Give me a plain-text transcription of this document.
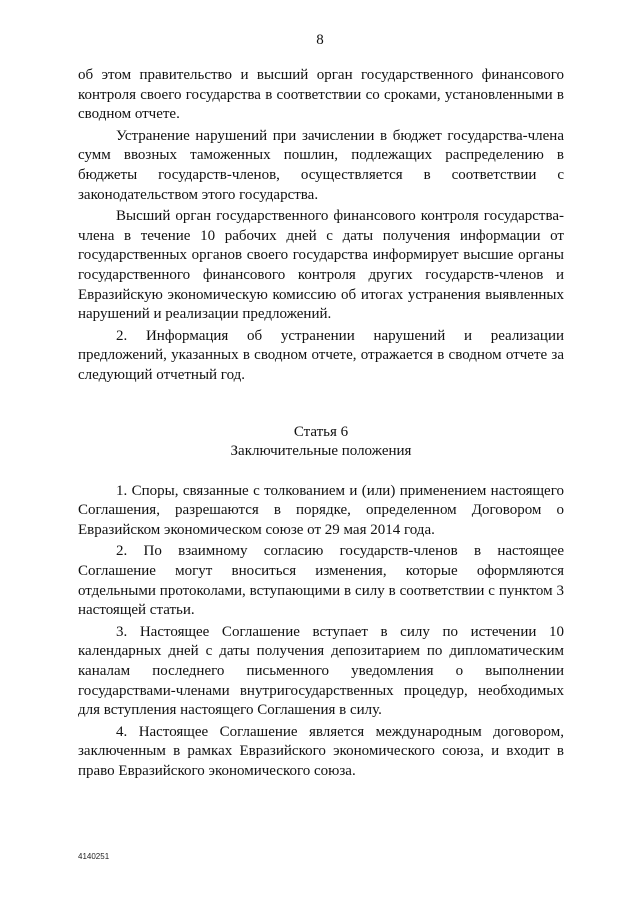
8

об этом правительство и высший орган государственного финансового контроля своего государства в соответствии со сроками, установленными в сводном отчете.

Устранение нарушений при зачислении в бюджет государства-члена сумм ввозных таможенных пошлин, подлежащих распределению в бюджеты государств-членов, осуществляется в соответствии с законодательством этого государства.

Высший орган государственного финансового контроля государства-члена в течение 10 рабочих дней с даты получения информации от государственных органов своего государства информирует высшие органы государственного финансового контроля других государств-членов и Евразийскую экономическую комиссию об итогах устранения выявленных нарушений и реализации предложений.

2. Информация об устранении нарушений и реализации предложений, указанных в сводном отчете, отражается в сводном отчете за следующий отчетный год.

Статья 6
Заключительные положения

1. Споры, связанные с толкованием и (или) применением настоящего Соглашения, разрешаются в порядке, определенном Договором о Евразийском экономическом союзе от 29 мая 2014 года.

2. По взаимному согласию государств-членов в настоящее Соглашение могут вноситься изменения, которые оформляются отдельными протоколами, вступающими в силу в соответствии с пунктом 3 настоящей статьи.

3. Настоящее Соглашение вступает в силу по истечении 10 календарных дней с даты получения депозитарием по дипломатическим каналам последнего письменного уведомления о выполнении государствами-членами внутригосударственных процедур, необходимых для вступления настоящего Соглашения в силу.

4. Настоящее Соглашение является международным договором, заключенным в рамках Евразийского экономического союза, и входит в право Евразийского экономического союза.

4140251
